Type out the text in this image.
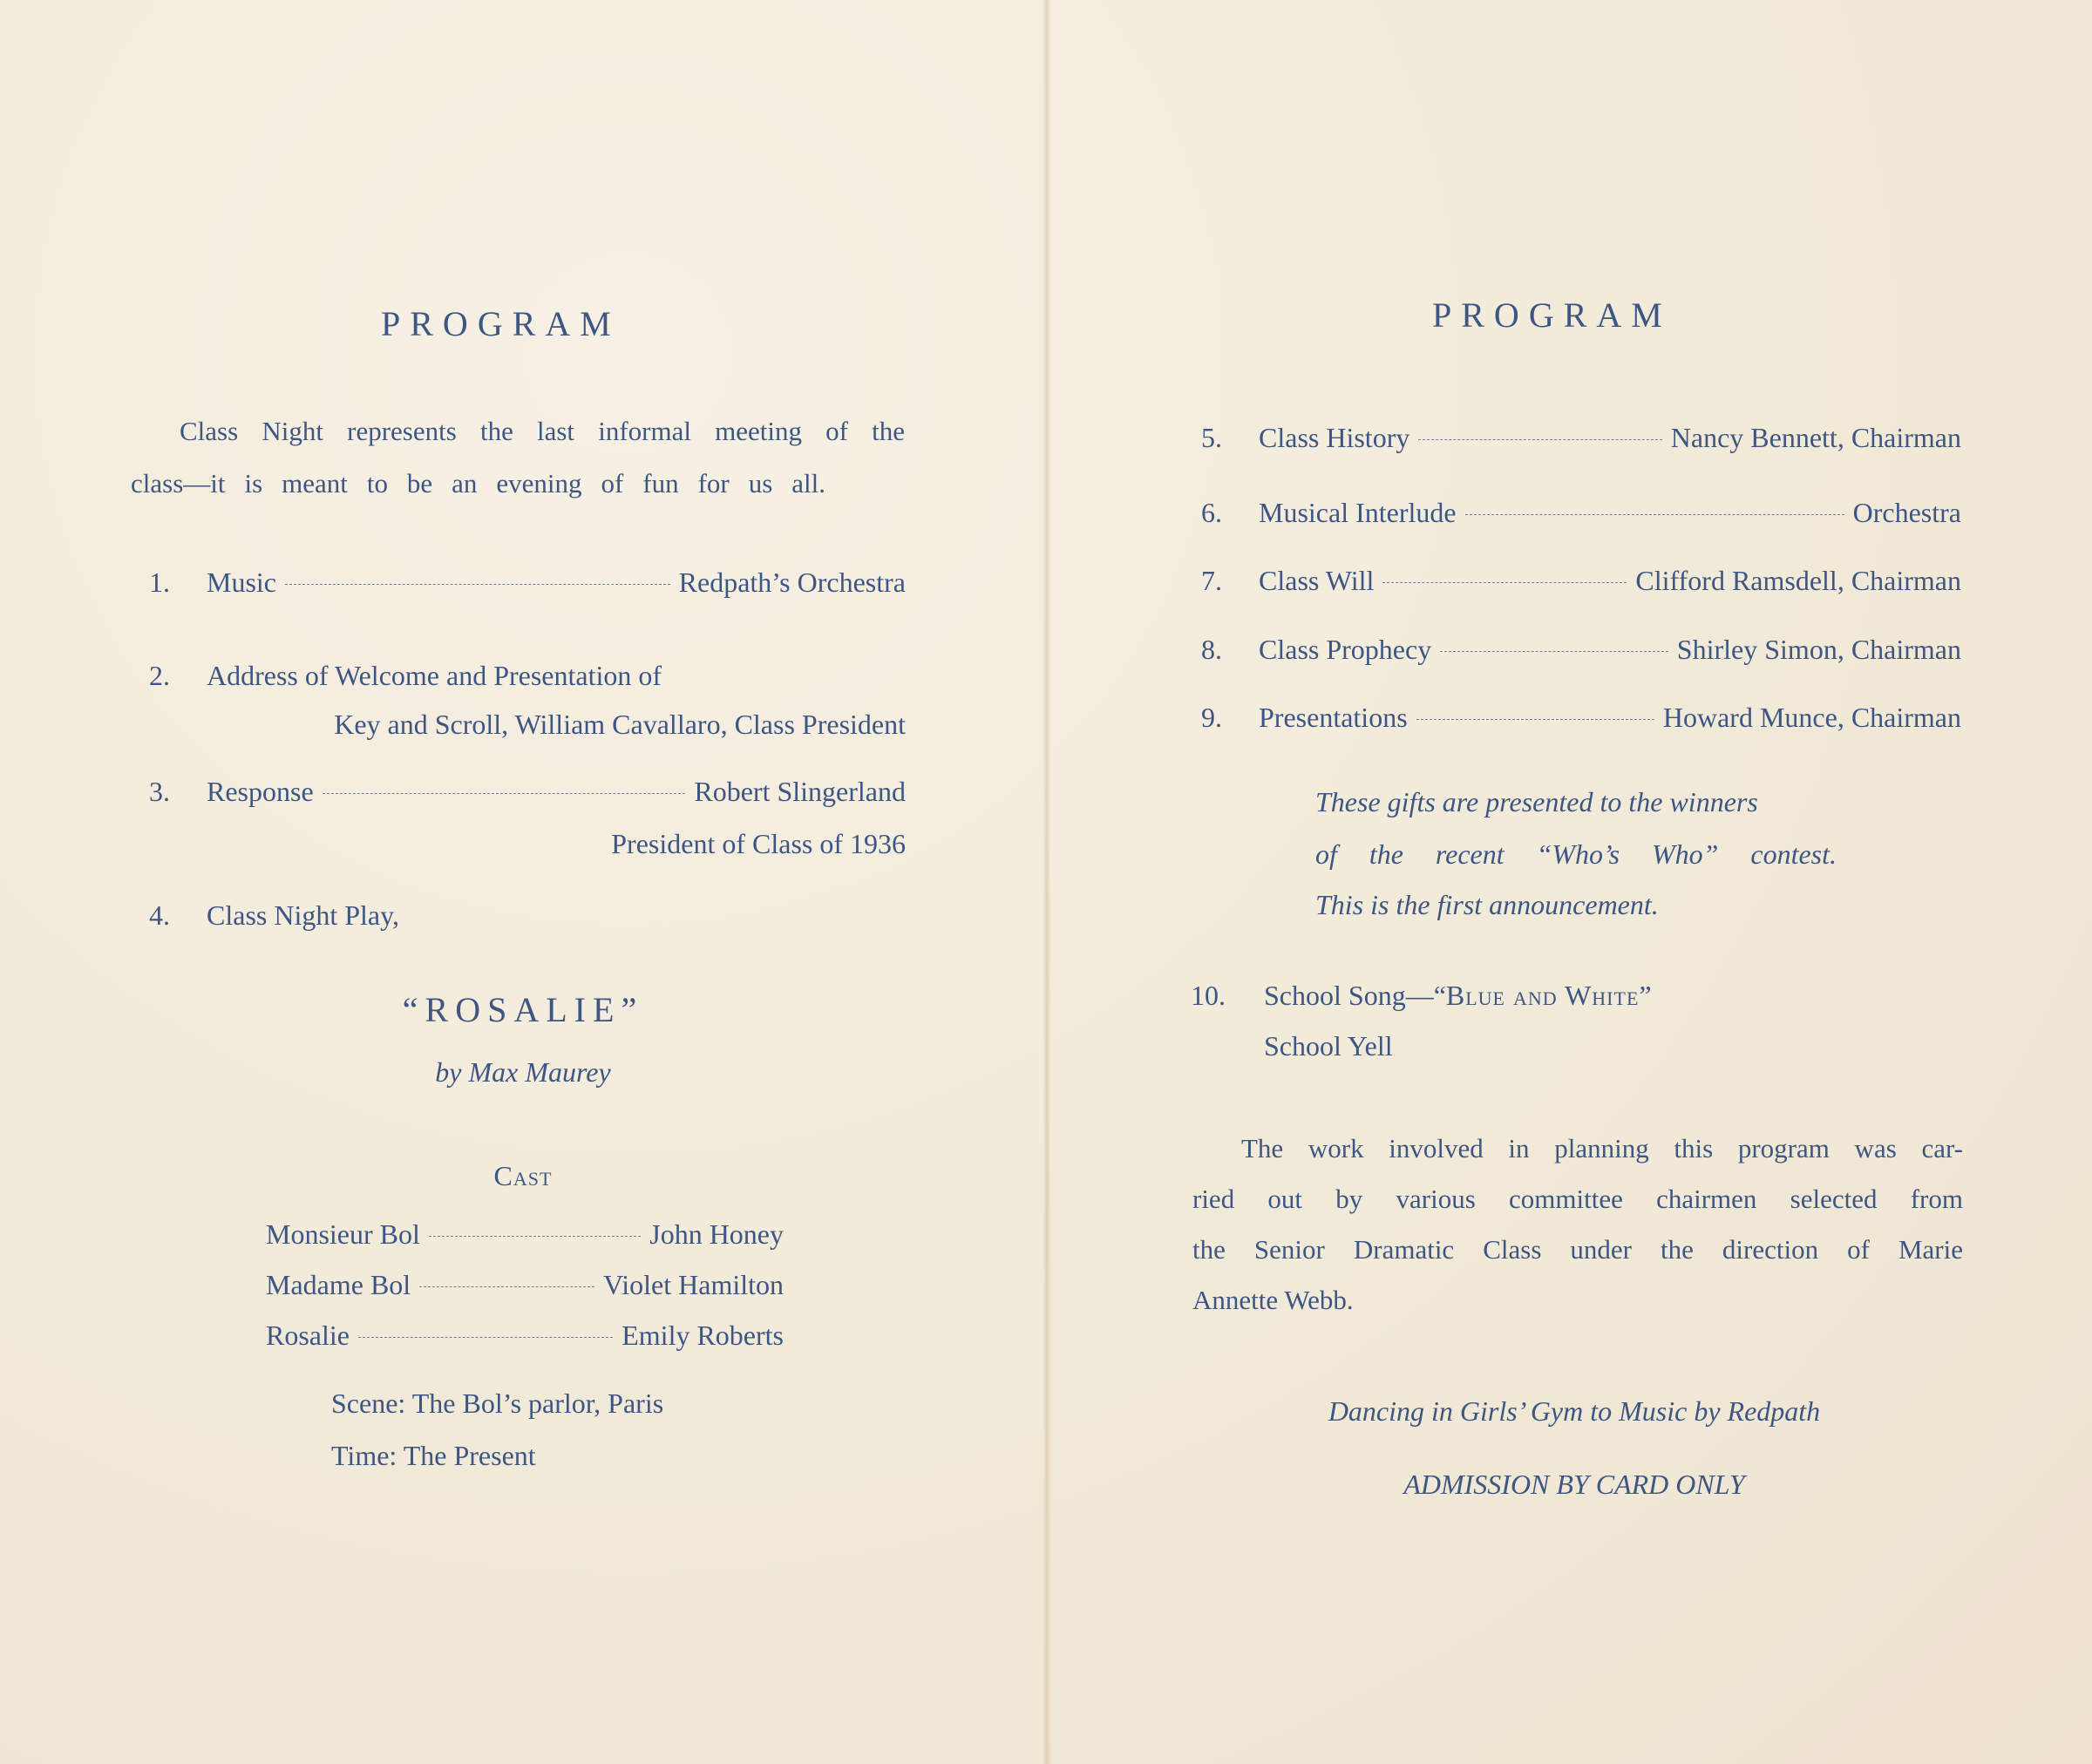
PROGRAM
Class Night represents the last informal meeting of the
class—it is meant to be an evening of fun for us all.
1.	Music	Redpath’s Orchestra
2.	Address of Welcome and Presentation of
Key and Scroll, William Cavallaro, Class President
3.	Response	Robert Slingerland
President of Class of 1936
4.	Class Night Play,
“ROSALIE”
by Max Maurey
Cast
Monsieur Bol	John Honey
Madame Bol	Violet Hamilton
Rosalie	Emily Roberts
Scene: The Bol’s parlor, Paris
Time: The Present
PROGRAM
5.	Class History	Nancy Bennett, Chairman
6.	Musical Interlude	Orchestra
7.	Class Will	Clifford Ramsdell, Chairman
8.	Class Prophecy	Shirley Simon, Chairman
9.	Presentations	Howard Munce, Chairman
These gifts are presented to the winners
of the recent “Who’s Who” contest.
This is the first announcement.
10.	School Song—“ Blue and White ”
School Yell
The work involved in planning this program was car-
ried out by various committee chairmen selected from
the Senior Dramatic Class under the direction of Marie
Annette Webb.
Dancing in Girls’ Gym to Music by Redpath
ADMISSION BY CARD ONLY
